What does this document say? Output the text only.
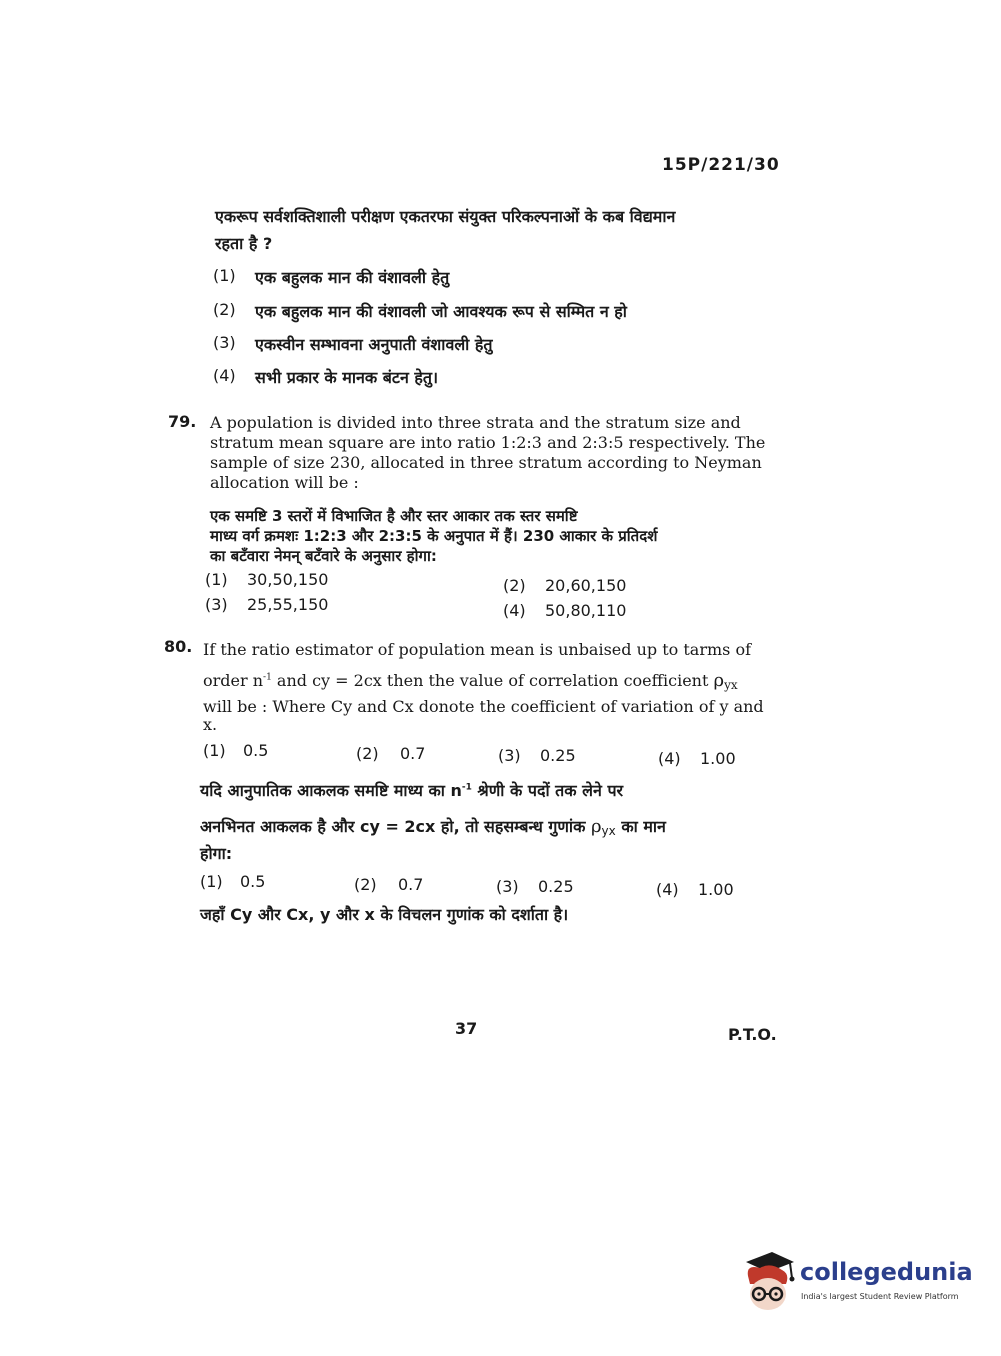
15P/221/30
एकरूप सर्वशक्तिशाली परीक्षण एकतरफा संयुक्त परिकल्पनाओं के कब विद्यमान
रहता है ?
(1) एक बहुलक मान की वंशावली हेतु
(2) एक बहुलक मान की वंशावली जो आवश्यक रूप से सम्मित न हो
(3) एकस्वीन सम्भावना अनुपाती वंशावली हेतु
(4) सभी प्रकार के मानक बंटन हेतु।
79. A population is divided into three strata and the stratum size and
stratum mean square are into ratio 1:2:3 and 2:3:5 respectively. The
sample of size 230, allocated in three stratum according to Neyman
allocation will be :
एक समष्टि 3 स्तरों में विभाजित है और स्तर आकार तक स्तर समष्टि
माध्य वर्ग क्रमशः 1:2:3 और 2:3:5 के अनुपात में हैं। 230 आकार के प्रतिदर्श
का बटँवारा नेमन् बटँवारे के अनुसार होगा:
(1) 30,50,150	(2) 20,60,150
(3) 25,55,150	(4) 50,80,110
80. If the ratio estimator of population mean is unbaised up to tarms of
order $n^{-1}$ and cy = 2cx then the value of correlation coefficient $\rho_{yx}$
will be : Where Cy and Cx donote the coefficient of variation of y and
x.
(1) 0.5	(2) 0.7	(3) 0.25	(4) 1.00
यदि आनुपातिक आकलक समष्टि माध्य का $n^{-1}$ श्रेणी के पदों तक लेने पर
अनभिनत आकलक है और cy = 2cx हो, तो सहसम्बन्ध गुणांक $\rho_{yx}$ का मान
होगा:
(1) 0.5	(2) 0.7	(3) 0.25	(4) 1.00
जहाँ Cy और Cx, y और x के विचलन गुणांक को दर्शाता है।
37	P.T.O.
collegedunia
India's largest Student Review Platform
